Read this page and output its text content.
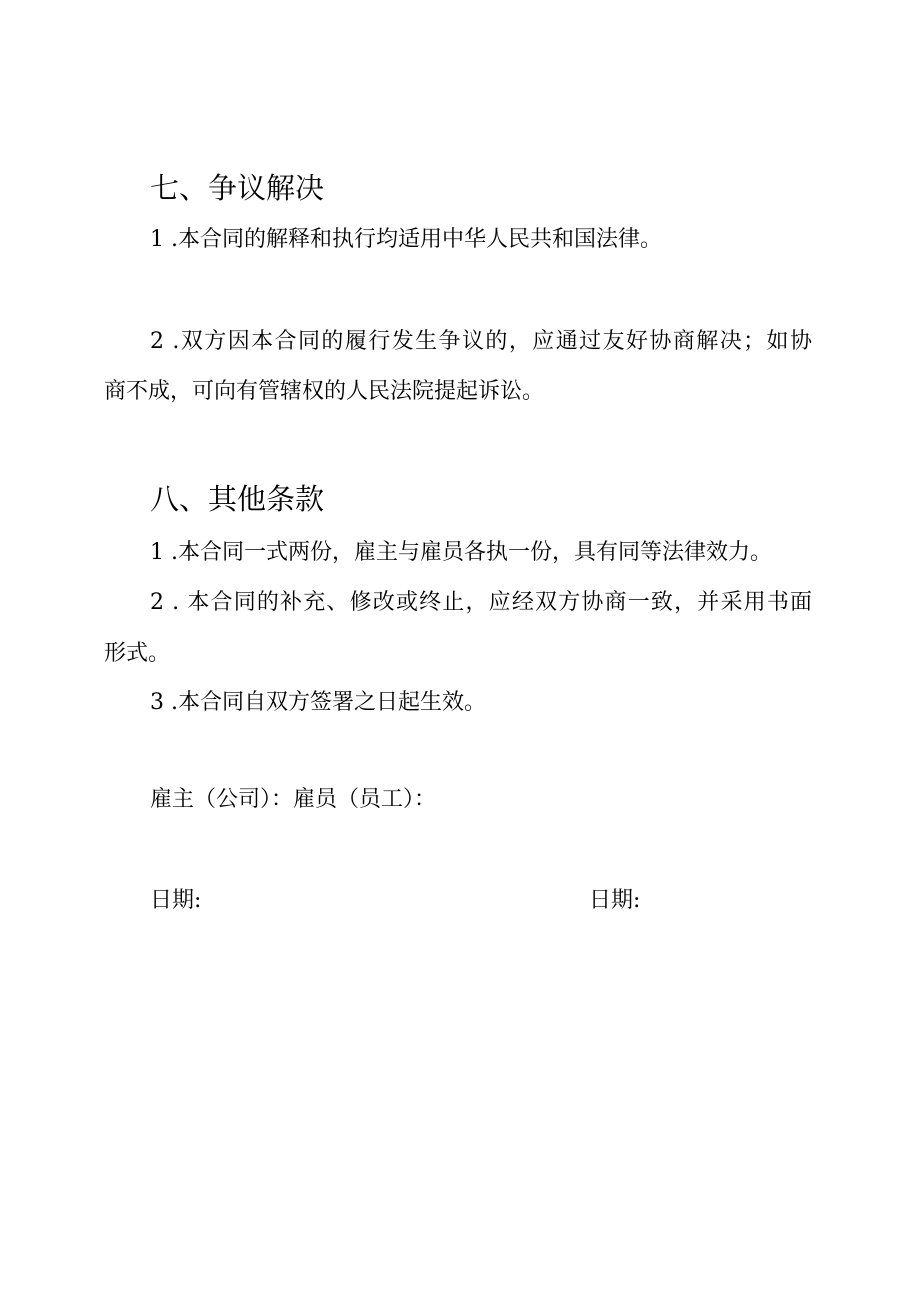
七、争议解决

1 .本合同的解释和执行均适用中华人民共和国法律。

2 .双方因本合同的履行发生争议的，应通过友好协商解决；如协

商不成，可向有管辖权的人民法院提起诉讼。

八、其他条款

1 .本合同一式两份，雇主与雇员各执一份，具有同等法律效力。

2 . 本合同的补充、修改或终止，应经双方协商一致，并采用书面

形式。

3 .本合同自双方签署之日起生效。

雇主（公司）：雇员（员工）：

日期:	日期:
